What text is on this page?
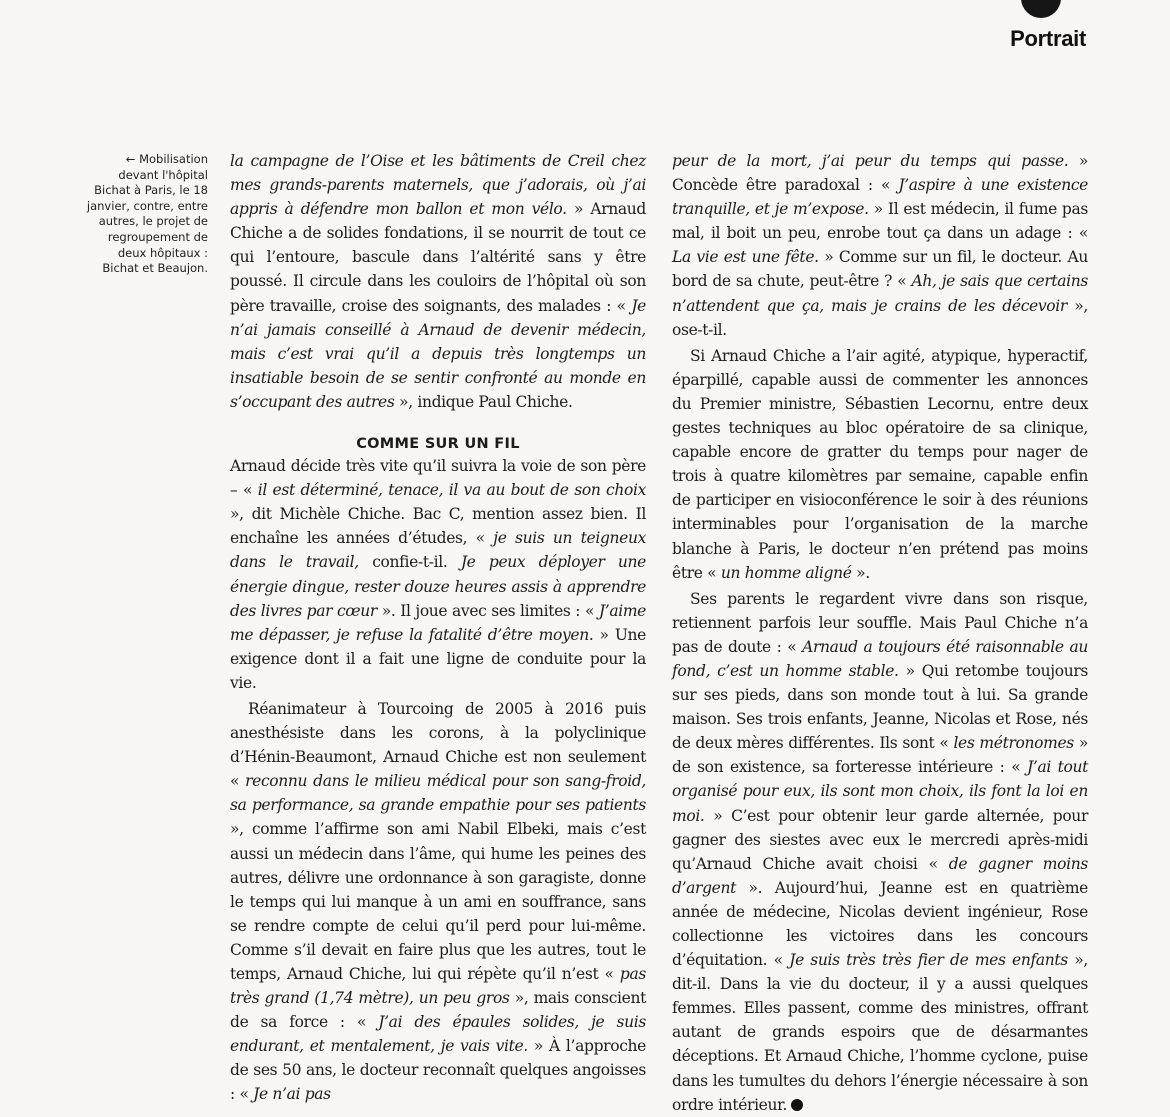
Portrait
← Mobilisation devant l'hôpital Bichat à Paris, le 18 janvier, contre, entre autres, le projet de regroupement de deux hôpitaux : Bichat et Beaujon.

la campagne de l’Oise et les bâtiments de Creil chez mes grands-parents maternels, que j’adorais, où j’ai appris à défendre mon ballon et mon vélo. » Arnaud Chiche a de solides fondations, il se nourrit de tout ce qui l’entoure, bascule dans l’altérité sans y être poussé. Il circule dans les couloirs de l’hôpital où son père travaille, croise des soignants, des malades : « Je n’ai jamais conseillé à Arnaud de devenir médecin, mais c’est vrai qu’il a depuis très longtemps un insatiable besoin de se sentir confronté au monde en s’occupant des autres », indique Paul Chiche.

COMME SUR UN FIL

Arnaud décide très vite qu’il suivra la voie de son père – « il est déterminé, tenace, il va au bout de son choix », dit Michèle Chiche. Bac C, mention assez bien. Il enchaîne les années d’études, « je suis un teigneux dans le travail, confie-t-il. Je peux déployer une énergie dingue, rester douze heures assis à apprendre des livres par cœur ». Il joue avec ses limites : « J’aime me dépasser, je refuse la fatalité d’être moyen. » Une exigence dont il a fait une ligne de conduite pour la vie.

Réanimateur à Tourcoing de 2005 à 2016 puis anesthésiste dans les corons, à la polyclinique d’Hénin-Beaumont, Arnaud Chiche est non seulement « reconnu dans le milieu médical pour son sang-froid, sa performance, sa grande empathie pour ses patients », comme l’affirme son ami Nabil Elbeki, mais c’est aussi un médecin dans l’âme, qui hume les peines des autres, délivre une ordonnance à son garagiste, donne le temps qui lui manque à un ami en souffrance, sans se rendre compte de celui qu’il perd pour lui-même. Comme s’il devait en faire plus que les autres, tout le temps, Arnaud Chiche, lui qui répète qu’il n’est « pas très grand (1,74 mètre), un peu gros », mais conscient de sa force : « J’ai des épaules solides, je suis endurant, et mentalement, je vais vite. » À l’approche de ses 50 ans, le docteur reconnaît quelques angoisses : « Je n’ai pas

peur de la mort, j’ai peur du temps qui passe. » Concède être paradoxal : « J’aspire à une existence tranquille, et je m’expose. » Il est médecin, il fume pas mal, il boit un peu, enrobe tout ça dans un adage : « La vie est une fête. » Comme sur un fil, le docteur. Au bord de sa chute, peut-être ? « Ah, je sais que certains n’attendent que ça, mais je crains de les décevoir », ose-t-il.

Si Arnaud Chiche a l’air agité, atypique, hyperactif, éparpillé, capable aussi de commenter les annonces du Premier ministre, Sébastien Lecornu, entre deux gestes techniques au bloc opératoire de sa clinique, capable encore de gratter du temps pour nager de trois à quatre kilomètres par semaine, capable enfin de participer en visioconférence le soir à des réunions interminables pour l’organisation de la marche blanche à Paris, le docteur n’en prétend pas moins être « un homme aligné ».

Ses parents le regardent vivre dans son risque, retiennent parfois leur souffle. Mais Paul Chiche n’a pas de doute : « Arnaud a toujours été raisonnable au fond, c’est un homme stable. » Qui retombe toujours sur ses pieds, dans son monde tout à lui. Sa grande maison. Ses trois enfants, Jeanne, Nicolas et Rose, nés de deux mères différentes. Ils sont « les métronomes » de son existence, sa forteresse intérieure : « J’ai tout organisé pour eux, ils sont mon choix, ils font la loi en moi. » C’est pour obtenir leur garde alternée, pour gagner des siestes avec eux le mercredi après-midi qu’Arnaud Chiche avait choisi « de gagner moins d’argent ». Aujourd’hui, Jeanne est en quatrième année de médecine, Nicolas devient ingénieur, Rose collectionne les victoires dans les concours d’équitation. « Je suis très très fier de mes enfants », dit-il. Dans la vie du docteur, il y a aussi quelques femmes. Elles passent, comme des ministres, offrant autant de grands espoirs que de désarmantes déceptions. Et Arnaud Chiche, l’homme cyclone, puise dans les tumultes du dehors l’énergie nécessaire à son ordre intérieur.
